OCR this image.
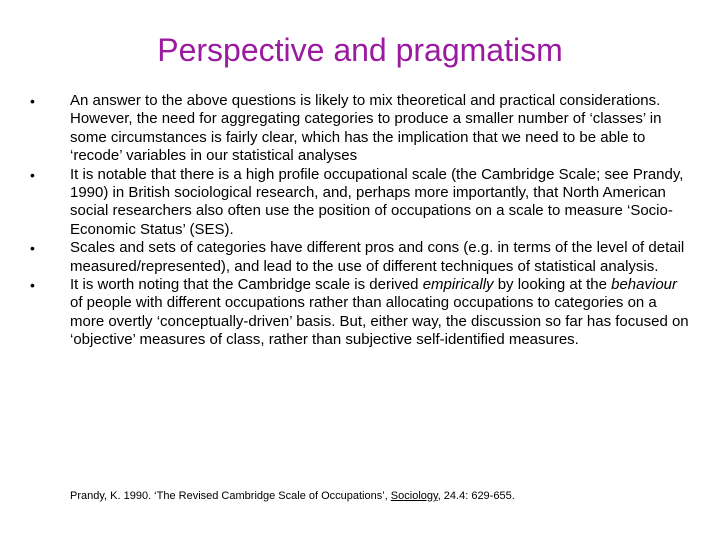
Perspective and pragmatism
•	An answer to the above questions is likely to mix theoretical and practical considerations. However, the need for aggregating categories to produce a smaller number of ‘classes’ in some circumstances is fairly clear, which has the implication that we need to be able to ‘recode’ variables in our statistical analyses
•	It is notable that there is a high profile occupational scale (the Cambridge Scale; see Prandy, 1990) in British sociological research, and, perhaps more importantly, that North American social researchers also often use the position of occupations on a scale to measure ‘Socio-Economic Status’ (SES).
•	Scales and sets of categories have different pros and cons (e.g. in terms of the level of detail measured/represented), and lead to the use of different techniques of statistical analysis.
•	It is worth noting that the Cambridge scale is derived empirically by looking at the behaviour of people with different occupations rather than allocating occupations to categories on a more overtly ‘conceptually-driven’ basis. But, either way, the discussion so far has focused on ‘objective’ measures of class, rather than subjective self-identified measures.
Prandy, K. 1990. ‘The Revised Cambridge Scale of Occupations’, Sociology, 24.4: 629-655.
